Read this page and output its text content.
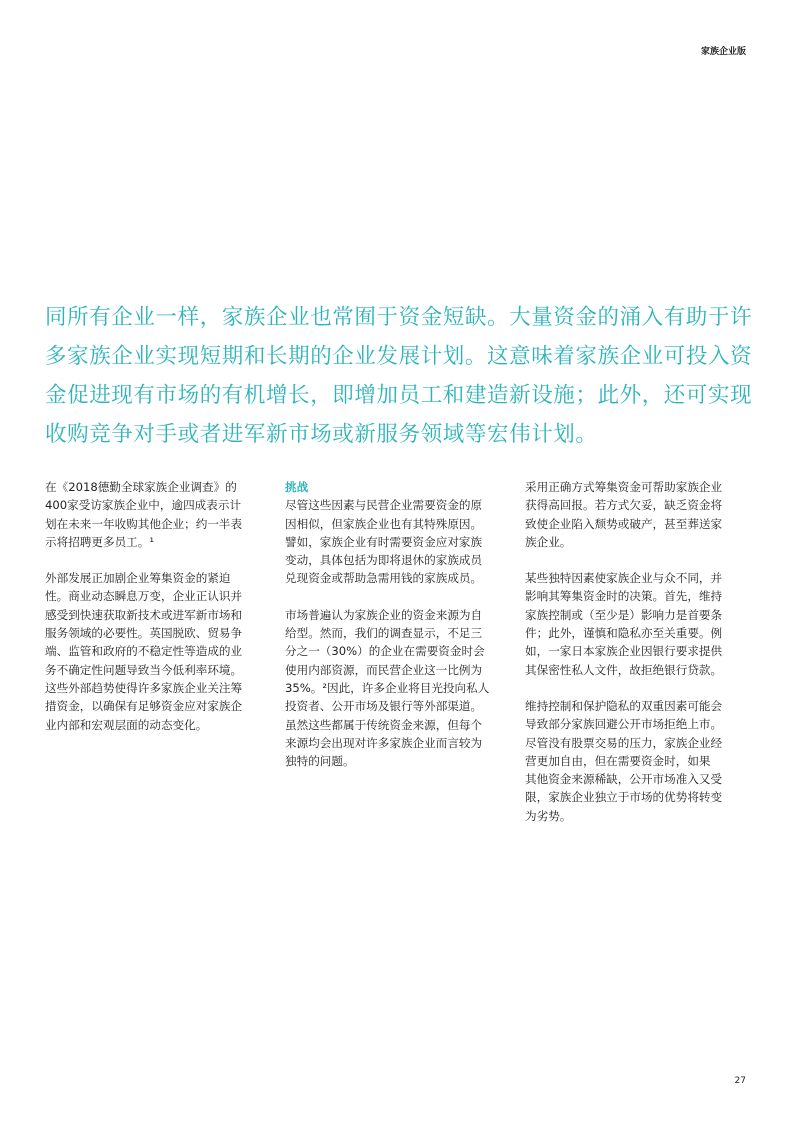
家族企业版

同所有企业一样，家族企业也常囿于资金短缺。大量资金的涌入有助于许

多家族企业实现短期和长期的企业发展计划。这意味着家族企业可投入资

金促进现有市场的有机增长，即增加员工和建造新设施；此外，还可实现

收购竞争对手或者进军新市场或新服务领域等宏伟计划。

在《2018德勤全球家族企业调查》的
400家受访家族企业中，逾四成表示计
划在未来一年收购其他企业；约一半表
示将招聘更多员工。¹

外部发展正加剧企业筹集资金的紧迫
性。商业动态瞬息万变，企业正认识并
感受到快速获取新技术或进军新市场和
服务领域的必要性。英国脱欧、贸易争
端、监管和政府的不稳定性等造成的业
务不确定性问题导致当今低利率环境。
这些外部趋势使得许多家族企业关注筹
措资金，以确保有足够资金应对家族企
业内部和宏观层面的动态变化。

挑战
尽管这些因素与民营企业需要资金的原
因相似，但家族企业也有其特殊原因。
譬如，家族企业有时需要资金应对家族
变动，具体包括为即将退休的家族成员
兑现资金或帮助急需用钱的家族成员。

市场普遍认为家族企业的资金来源为自
给型。然而，我们的调查显示，不足三
分之一（30%）的企业在需要资金时会
使用内部资源，而民营企业这一比例为
35%。²因此，许多企业将目光投向私人
投资者、公开市场及银行等外部渠道。
虽然这些都属于传统资金来源，但每个
来源均会出现对许多家族企业而言较为
独特的问题。

采用正确方式筹集资金可帮助家族企业
获得高回报。若方式欠妥，缺乏资金将
致使企业陷入颓势或破产，甚至葬送家
族企业。

某些独特因素使家族企业与众不同，并
影响其筹集资金时的决策。首先，维持
家族控制或（至少是）影响力是首要条
件；此外，谨慎和隐私亦至关重要。例
如，一家日本家族企业因银行要求提供
其保密性私人文件，故拒绝银行贷款。

维持控制和保护隐私的双重因素可能会
导致部分家族回避公开市场拒绝上市。
尽管没有股票交易的压力，家族企业经
营更加自由，但在需要资金时，如果
其他资金来源稀缺，公开市场准入又受
限，家族企业独立于市场的优势将转变
为劣势。

27
